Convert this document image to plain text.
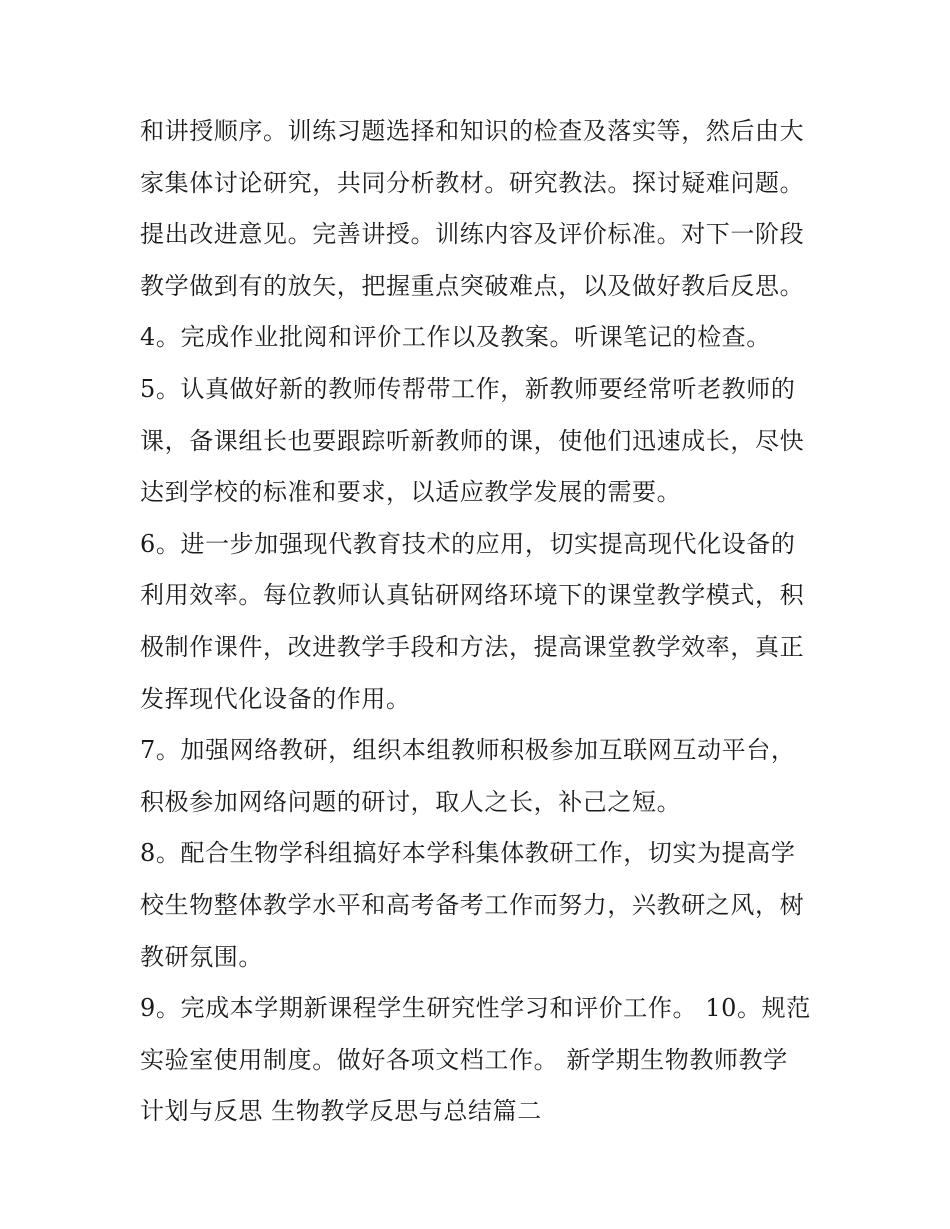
和讲授顺序。训练习题选择和知识的检查及落实等，然后由大
家集体讨论研究，共同分析教材。研究教法。探讨疑难问题。
提出改进意见。完善讲授。训练内容及评价标准。对下一阶段
教学做到有的放矢，把握重点突破难点，以及做好教后反思。
4。完成作业批阅和评价工作以及教案。听课笔记的检查。
5。认真做好新的教师传帮带工作，新教师要经常听老教师的
课，备课组长也要跟踪听新教师的课，使他们迅速成长，尽快
达到学校的标准和要求，以适应教学发展的需要。
6。进一步加强现代教育技术的应用，切实提高现代化设备的
利用效率。每位教师认真钻研网络环境下的课堂教学模式，积
极制作课件，改进教学手段和方法，提高课堂教学效率，真正
发挥现代化设备的作用。
7。加强网络教研，组织本组教师积极参加互联网互动平台，
积极参加网络问题的研讨，取人之长，补己之短。
8。配合生物学科组搞好本学科集体教研工作，切实为提高学
校生物整体教学水平和高考备考工作而努力，兴教研之风，树
教研氛围。
9。完成本学期新课程学生研究性学习和评价工作。 10。规范
实验室使用制度。做好各项文档工作。 新学期生物教师教学
计划与反思 生物教学反思与总结篇二
